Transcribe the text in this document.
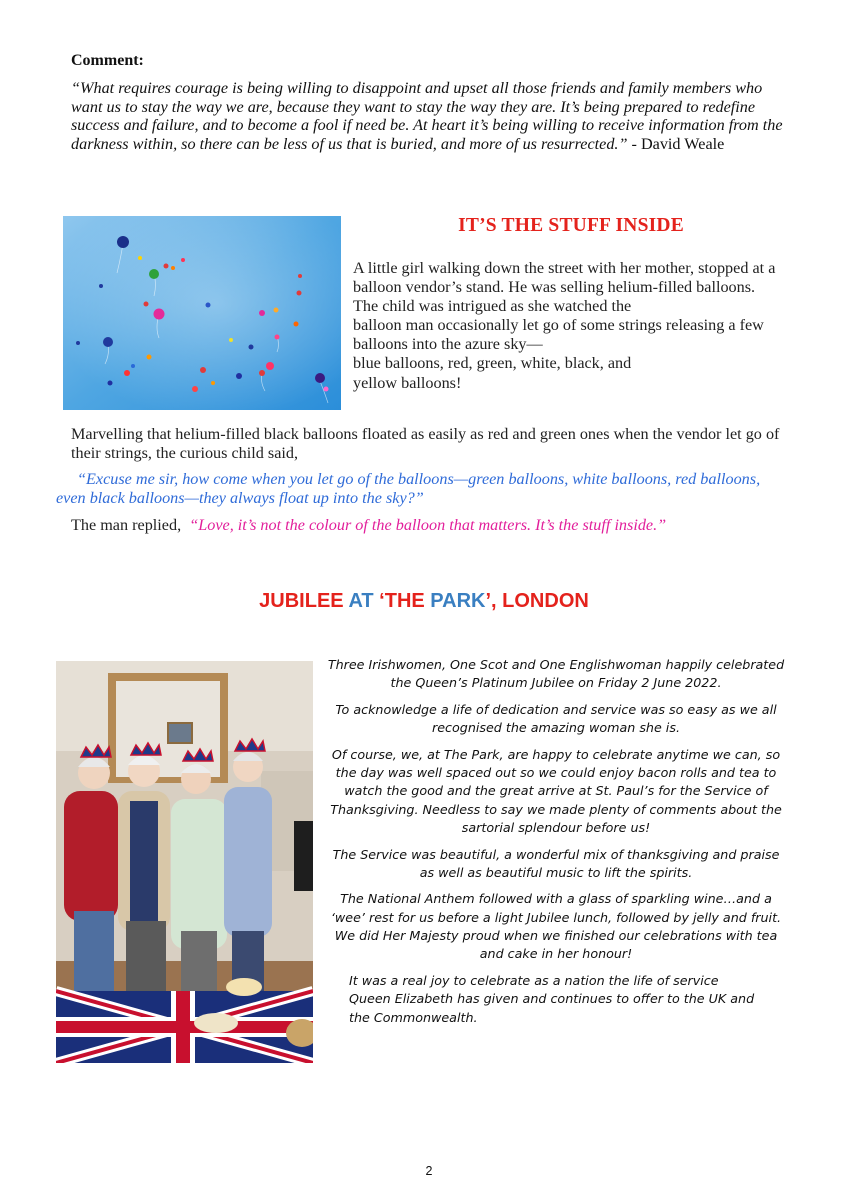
Comment:
“What requires courage is being willing to disappoint and upset all those friends and family members who want us to stay the way we are, because they want to stay the way they are. It’s being prepared to redefine success and failure, and to become a fool if need be. At heart it’s being willing to receive information from the darkness within, so there can be less of us that is buried, and more of us resurrected.” - David Weale
IT’S THE STUFF INSIDE

A little girl walking down the street with her mother, stopped at a balloon vendor’s stand. He was selling helium-filled balloons.

The child was intrigued as she watched the

balloon man occasionally let go of some strings releasing a few balloons into the azure sky—

blue balloons, red, green, white, black, and

yellow balloons!

Marvelling that helium-filled black balloons floated as easily as red and green ones when the vendor let go of their strings, the curious child said,
“Excuse me sir, how come when you let go of the balloons—green balloons, white balloons, red balloons, even black balloons—they always float up into the sky?”
The man replied, “Love, it’s not the colour of the balloon that matters. It’s the stuff inside.”
JUBILEE AT ‘THE PARK’, LONDON

Three Irishwomen, One Scot and One Englishwoman happily celebrated the Queen’s Platinum Jubilee on Friday 2 June 2022.

To acknowledge a life of dedication and service was so easy as we all recognised the amazing woman she is.

Of course, we, at The Park, are happy to celebrate anytime we can, so the day was well spaced out so we could enjoy bacon rolls and tea to watch the good and the great arrive at St. Paul’s for the Service of Thanksgiving. Needless to say we made plenty of comments about the sartorial splendour before us!

The Service was beautiful, a wonderful mix of thanksgiving and praise as well as beautiful music to lift the spirits.

The National Anthem followed with a glass of sparkling wine…and a ‘wee’ rest for us before a light Jubilee lunch, followed by jelly and fruit. We did Her Majesty proud when we finished our celebrations with tea and cake in her honour!

It was a real joy to celebrate as a nation the life of service Queen Elizabeth has given and continues to offer to the UK and the Commonwealth.

2
